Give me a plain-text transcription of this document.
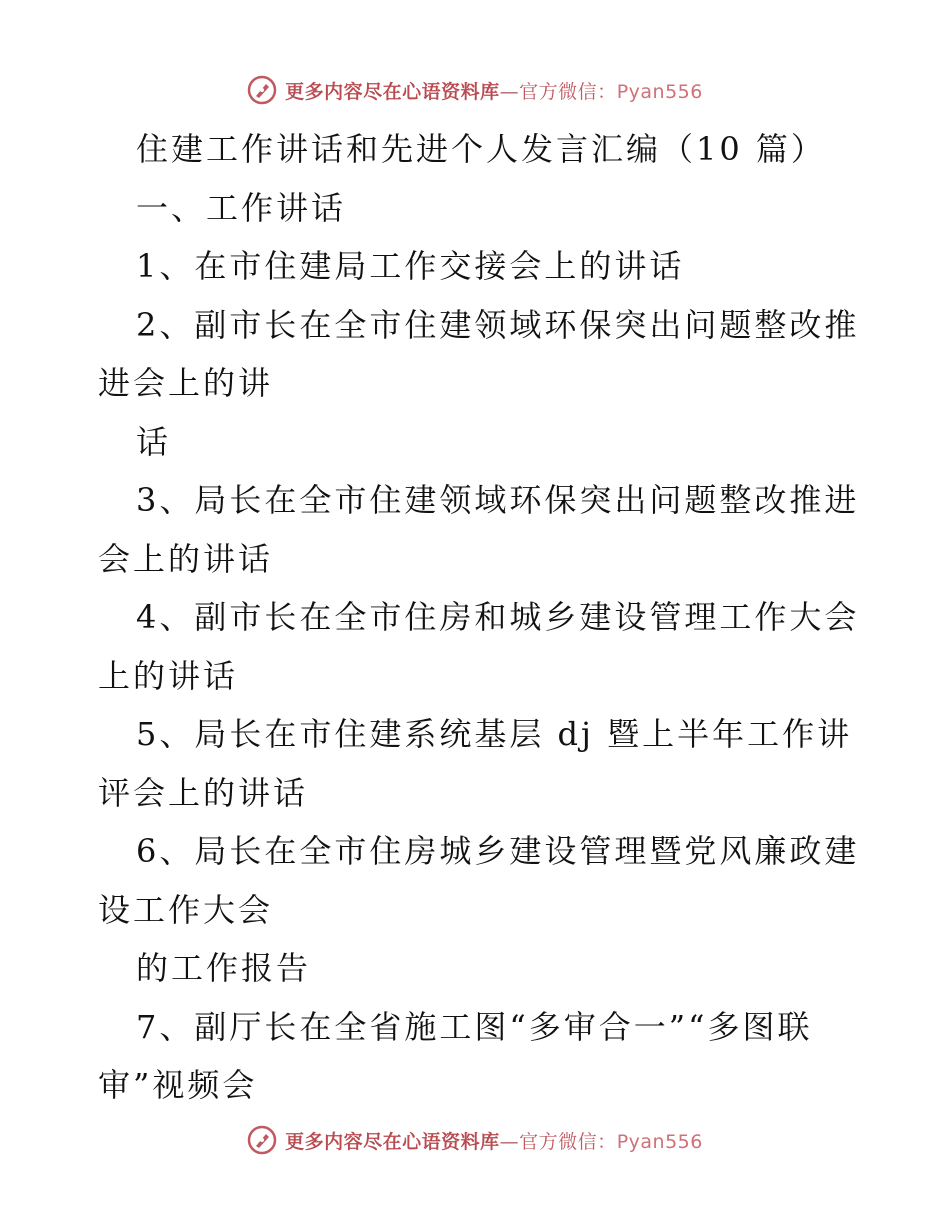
更多内容尽在心语资料库—官方微信：Pyan556
住建工作讲话和先进个人发言汇编（10 篇）
一、工作讲话
1、在市住建局工作交接会上的讲话
2、副市长在全市住建领域环保突出问题整改推
进会上的讲
话
3、局长在全市住建领域环保突出问题整改推进
会上的讲话
4、副市长在全市住房和城乡建设管理工作大会
上的讲话
5、局长在市住建系统基层 dj 暨上半年工作讲
评会上的讲话
6、局长在全市住房城乡建设管理暨党风廉政建
设工作大会
的工作报告
7、副厅长在全省施工图“多审合一”“多图联
审”视频会
更多内容尽在心语资料库—官方微信：Pyan556
